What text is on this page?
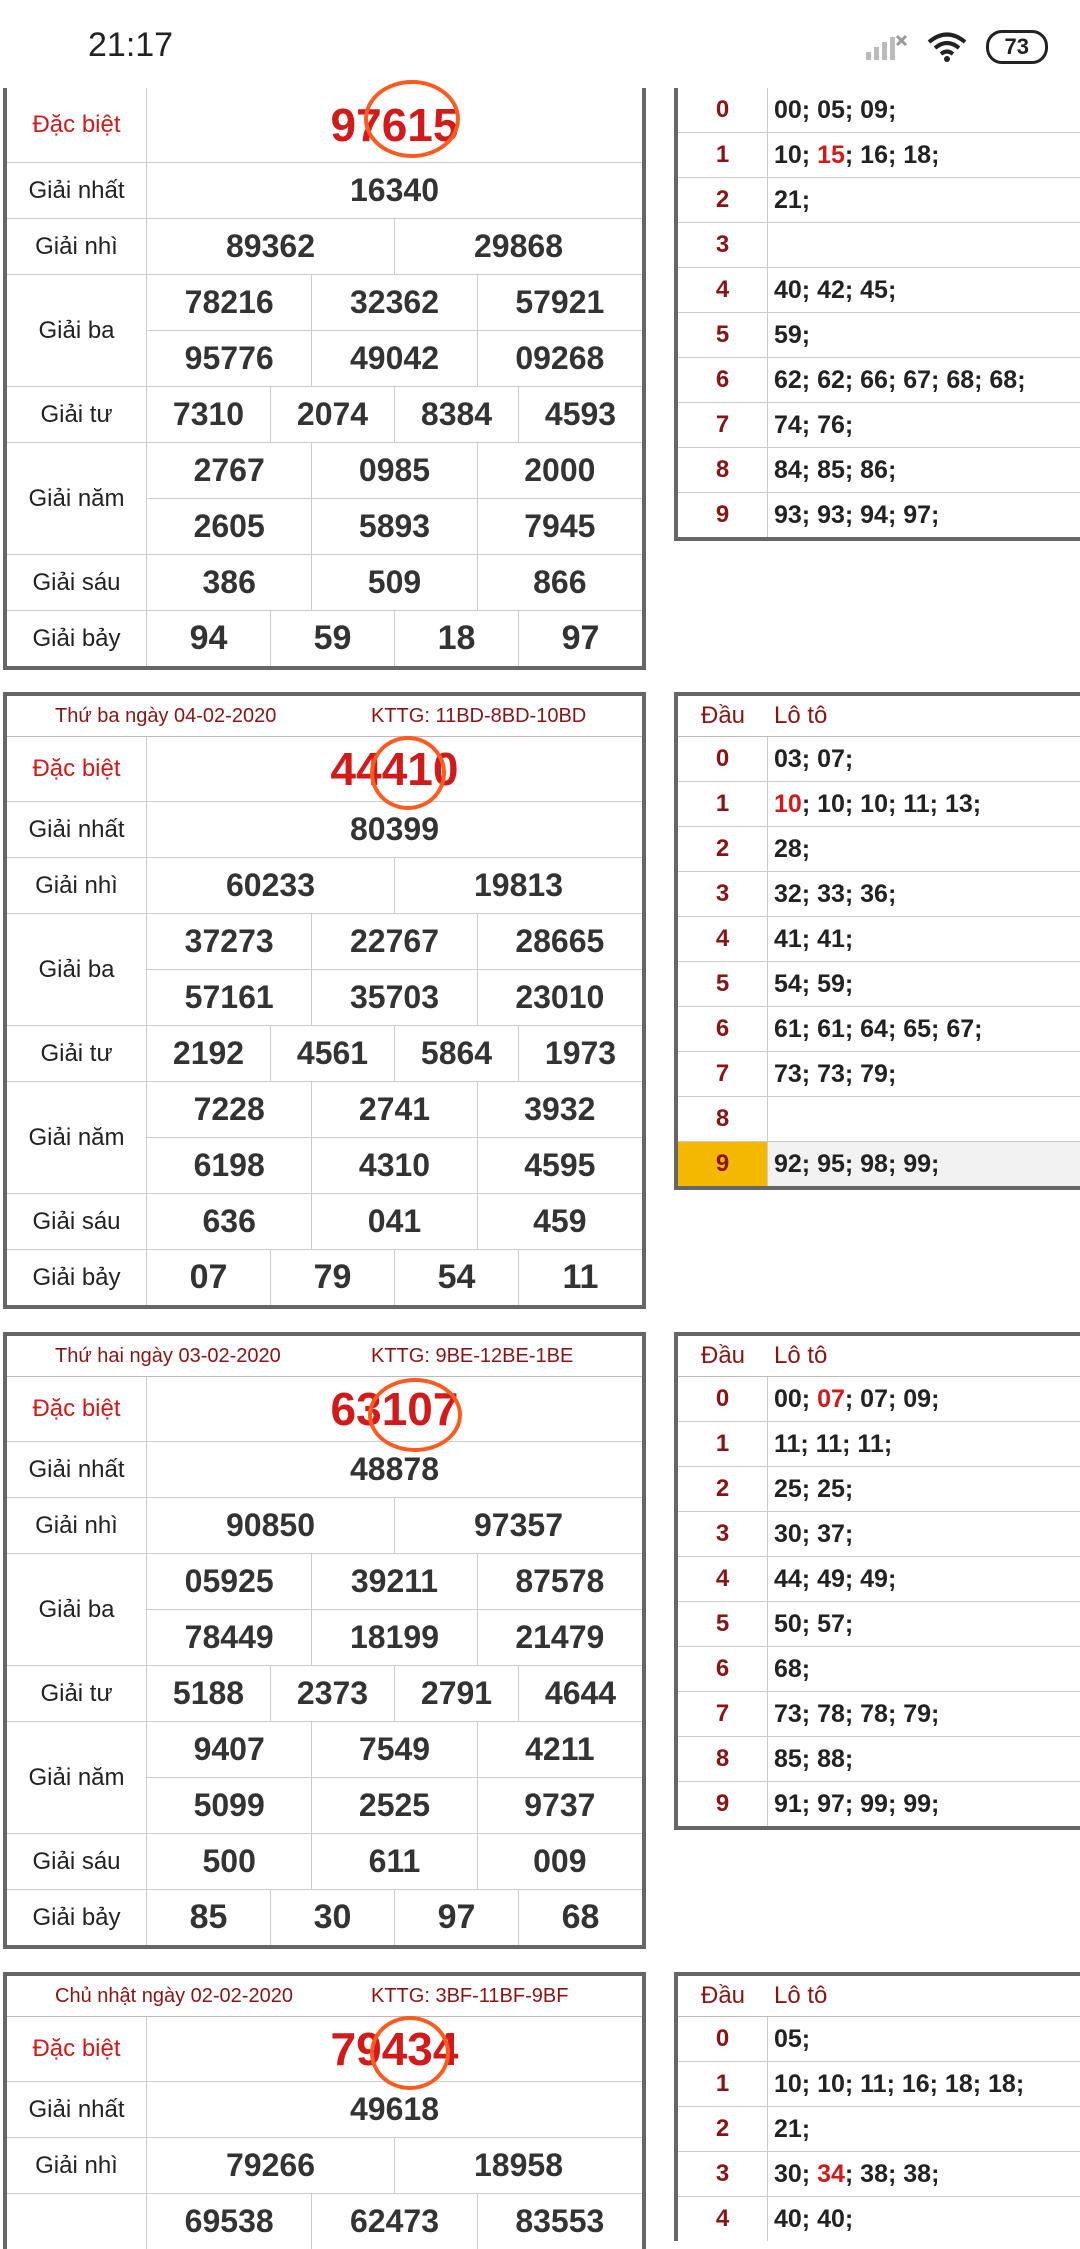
21:17	73
Đặc biệt	97615
Giải nhất	16340
Giải nhì	89362	29868
Giải ba
78216	32362	57921
95776	49042	09268
Giải tư	7310	2074	8384	4593
Giải năm
2767	0985	2000
2605	5893	7945
Giải sáu	386	509	866
Giải bảy	94	59	18	97
0	00; 05; 09;
1	10; 15; 16; 18;
2	21;
3
4	40; 42; 45;
5	59;
6	62; 62; 66; 67; 68; 68;
7	74; 76;
8	84; 85; 86;
9	93; 93; 94; 97;
Thứ ba ngày 04-02-2020	KTTG: 11BD-8BD-10BD
Đặc biệt	44410
Giải nhất	80399
Giải nhì	60233	19813
Giải ba
37273	22767	28665
57161	35703	23010
Giải tư	2192	4561	5864	1973
Giải năm
7228	2741	3932
6198	4310	4595
Giải sáu	636	041	459
Giải bảy	07	79	54	11
Đầu	Lô tô
0	03; 07;
1	10; 10; 10; 11; 13;
2	28;
3	32; 33; 36;
4	41; 41;
5	54; 59;
6	61; 61; 64; 65; 67;
7	73; 73; 79;
8
9	92; 95; 98; 99;
Thứ hai ngày 03-02-2020	KTTG: 9BE-12BE-1BE
Đặc biệt	63107
Giải nhất	48878
Giải nhì	90850	97357
Giải ba
05925	39211	87578
78449	18199	21479
Giải tư	5188	2373	2791	4644
Giải năm
9407	7549	4211
5099	2525	9737
Giải sáu	500	611	009
Giải bảy	85	30	97	68
Đầu	Lô tô
0	00; 07; 07; 09;
1	11; 11; 11;
2	25; 25;
3	30; 37;
4	44; 49; 49;
5	50; 57;
6	68;
7	73; 78; 78; 79;
8	85; 88;
9	91; 97; 99; 99;
Chủ nhật ngày 02-02-2020	KTTG: 3BF-11BF-9BF
Đặc biệt	79434
Giải nhất	49618
Giải nhì	79266	18958
69538	62473	83553
Đầu	Lô tô
0	05;
1	10; 10; 11; 16; 18; 18;
2	21;
3	30; 34; 38; 38;
4	40; 40;
